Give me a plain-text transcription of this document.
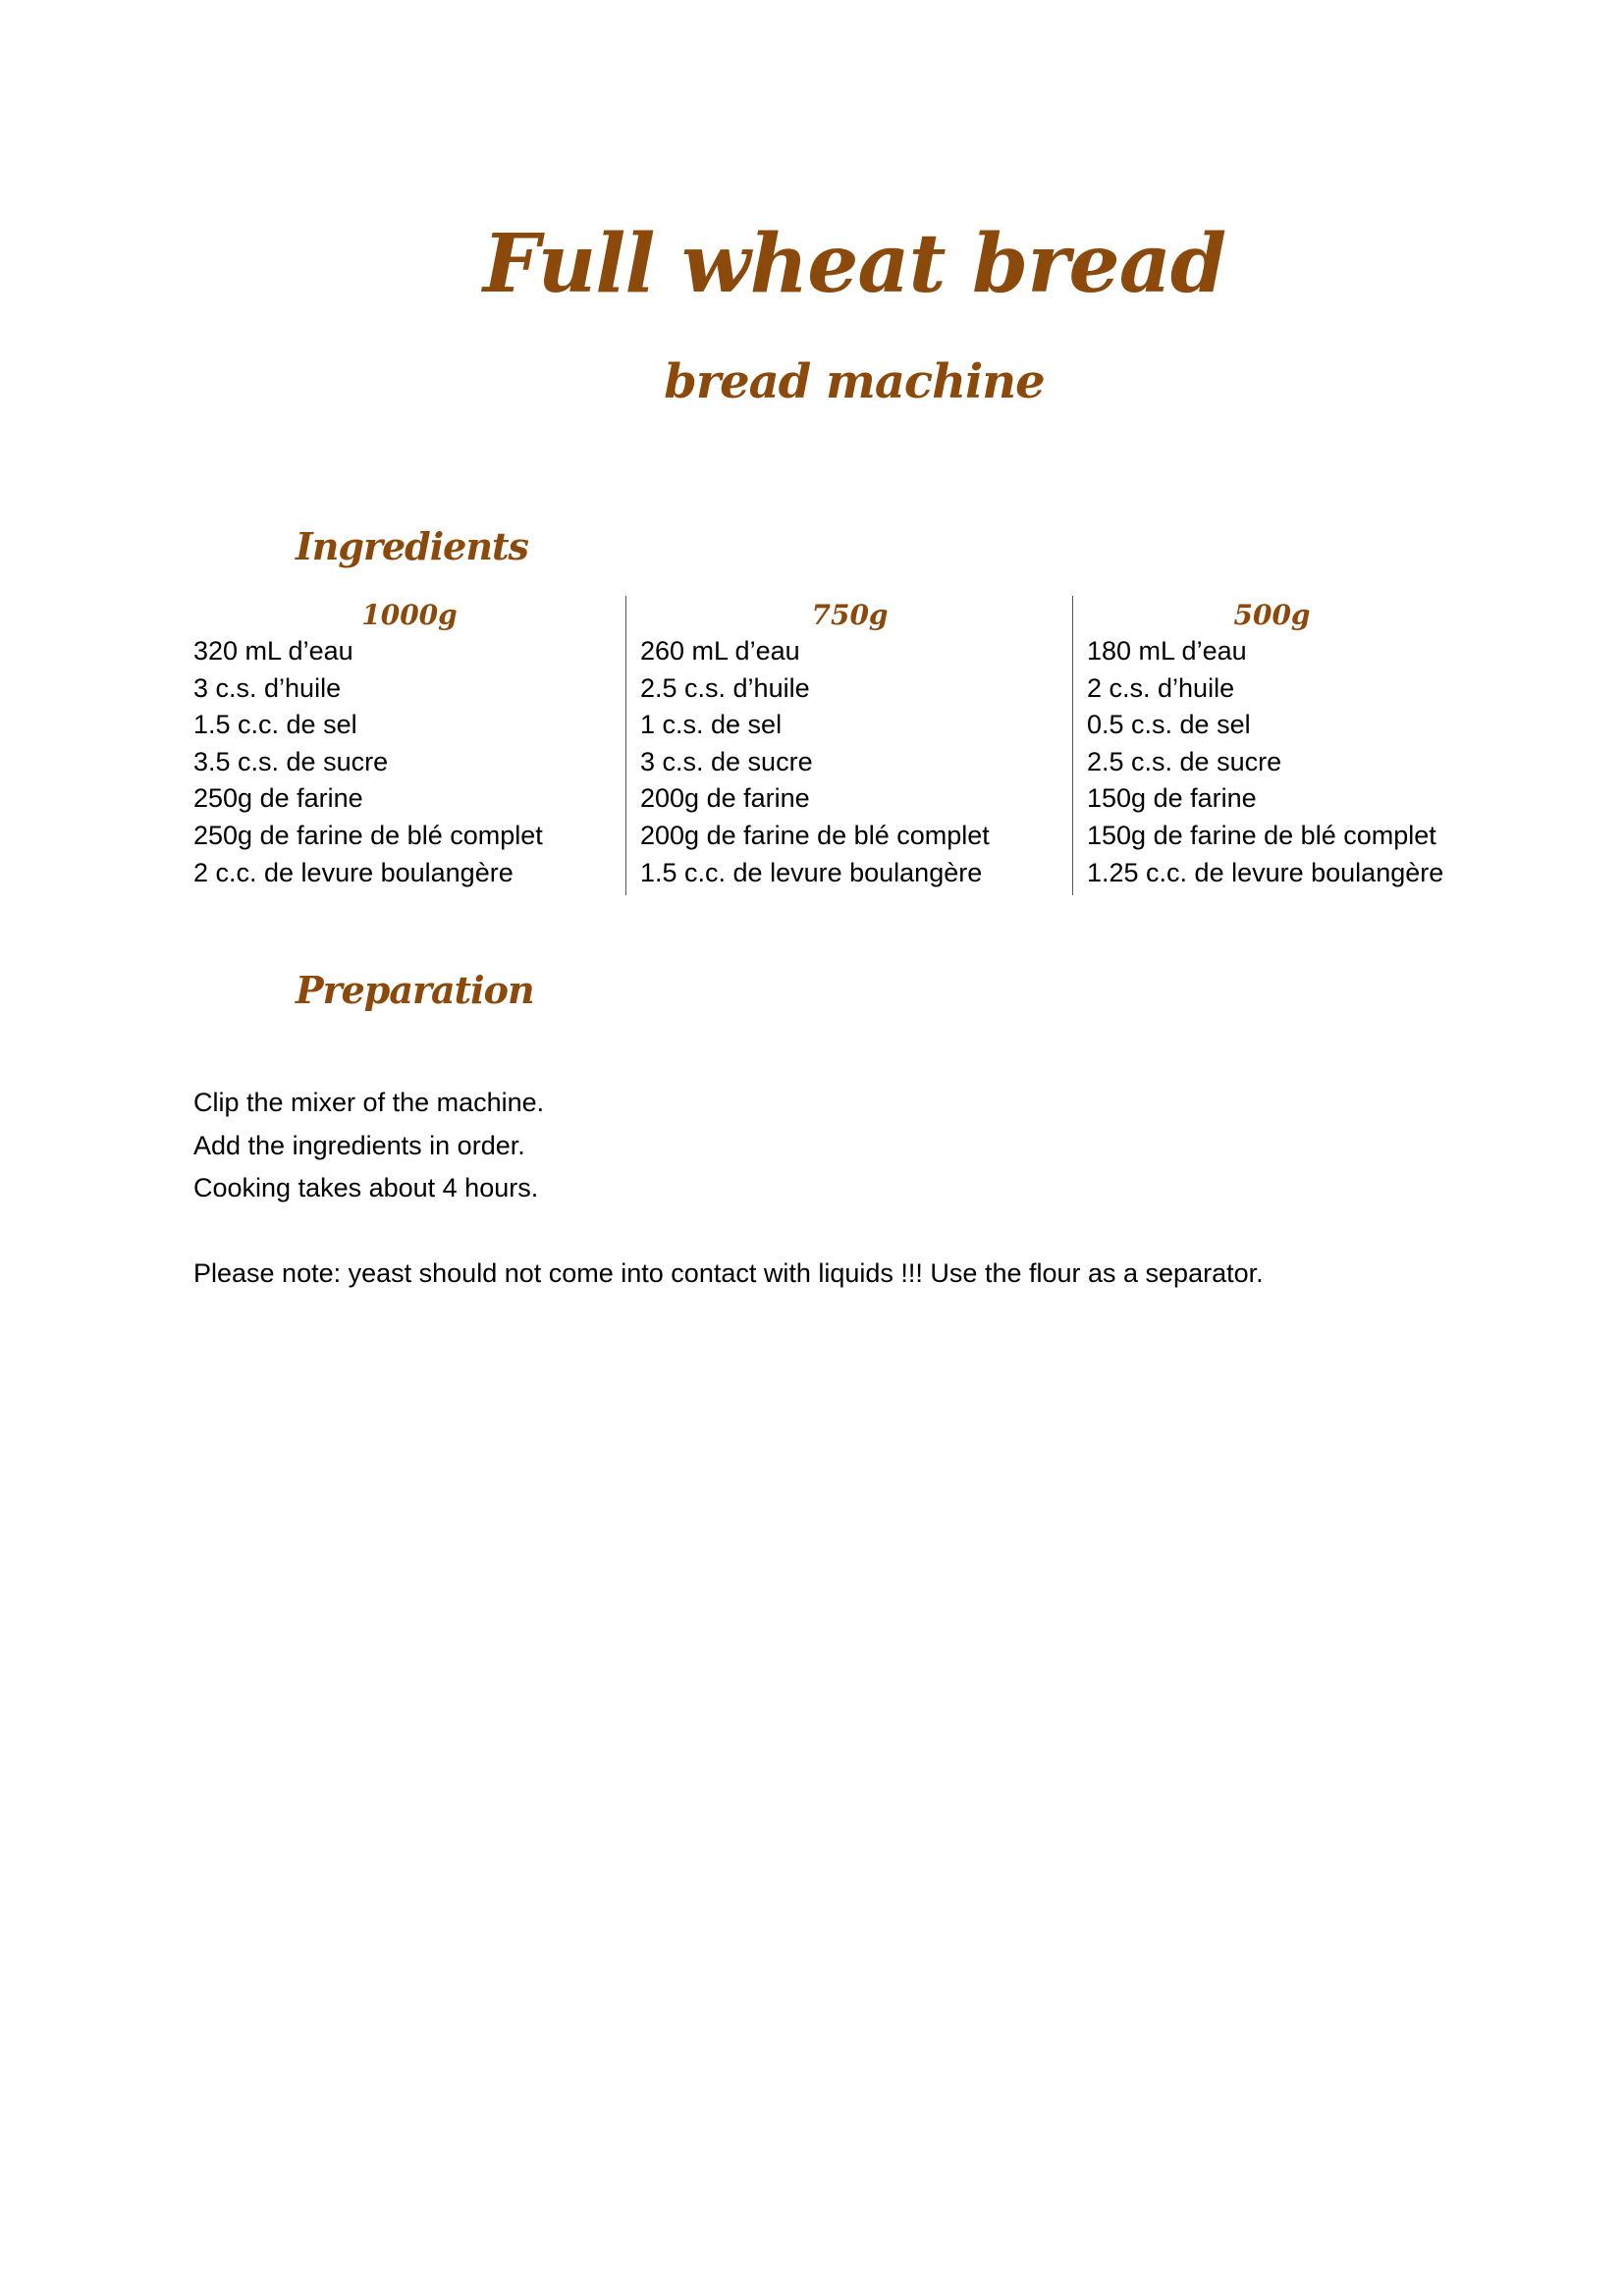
Full wheat bread
bread machine
Ingredients
1000g
320 mL d’eau
3 c.s. d’huile
1.5 c.c. de sel
3.5 c.s. de sucre
250g de farine
250g de farine de blé complet
2 c.c. de levure boulangère
750g
260 mL d’eau
2.5 c.s. d’huile
1 c.s. de sel
3 c.s. de sucre
200g de farine
200g de farine de blé complet
1.5 c.c. de levure boulangère
500g
180 mL d’eau
2 c.s. d’huile
0.5 c.s. de sel
2.5 c.s. de sucre
150g de farine
150g de farine de blé complet
1.25 c.c. de levure boulangère
Preparation

Clip the mixer of the machine.

Add the ingredients in order.

Cooking takes about 4 hours.

Please note: yeast should not come into contact with liquids !!! Use the flour as a separator.
